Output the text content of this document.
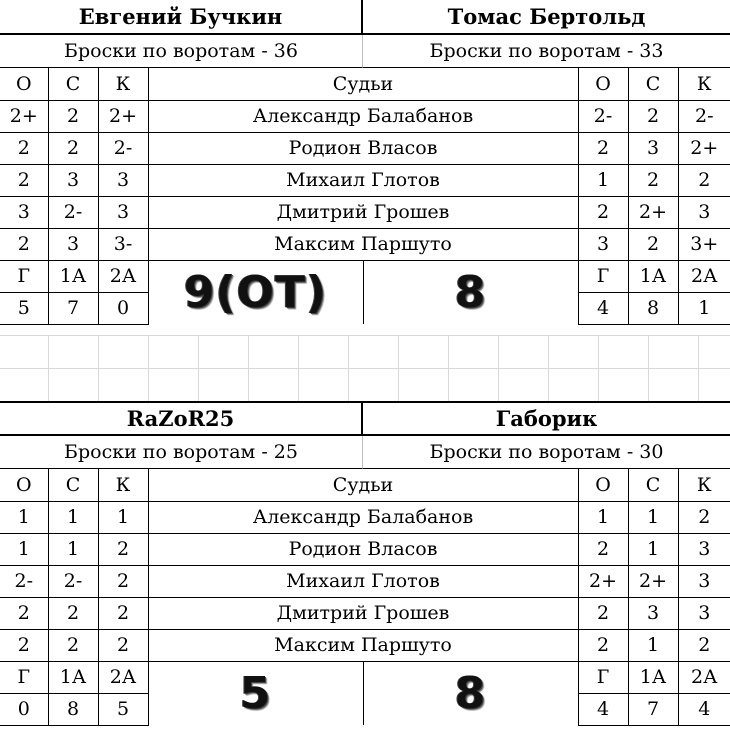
Евгений Бучкин	Томас Бертольд
Броски по воротам - 36	Броски по воротам - 33
О	С	К	Судьи		О	С	К
2+	2	2+	Александр Балабанов		2-	2	2-
2	2	2-	Родион Власов		2	3	2+
2	3	3	Михаил Глотов		1	2	2
3	2-	3	Дмитрий Грошев		2	2+	3
2	3	3-	Максим Паршуто		3	2	3+
Г	1А	2А	9(ОТ)	8	Г	1А	2А
5	7	0			4	8	1
RaZoR25	Габорик
Броски по воротам - 25	Броски по воротам - 30
О	С	К	Судьи		О	С	К
1	1	1	Александр Балабанов		1	1	2
1	1	2	Родион Власов		2	1	3
2-	2-	2	Михаил Глотов		2+	2+	3
2	2	2	Дмитрий Грошев		2	3	3
2	2	2	Максим Паршуто		2	1	2
Г	1А	2А	5	8	Г	1А	2А
0	8	5			4	7	4
